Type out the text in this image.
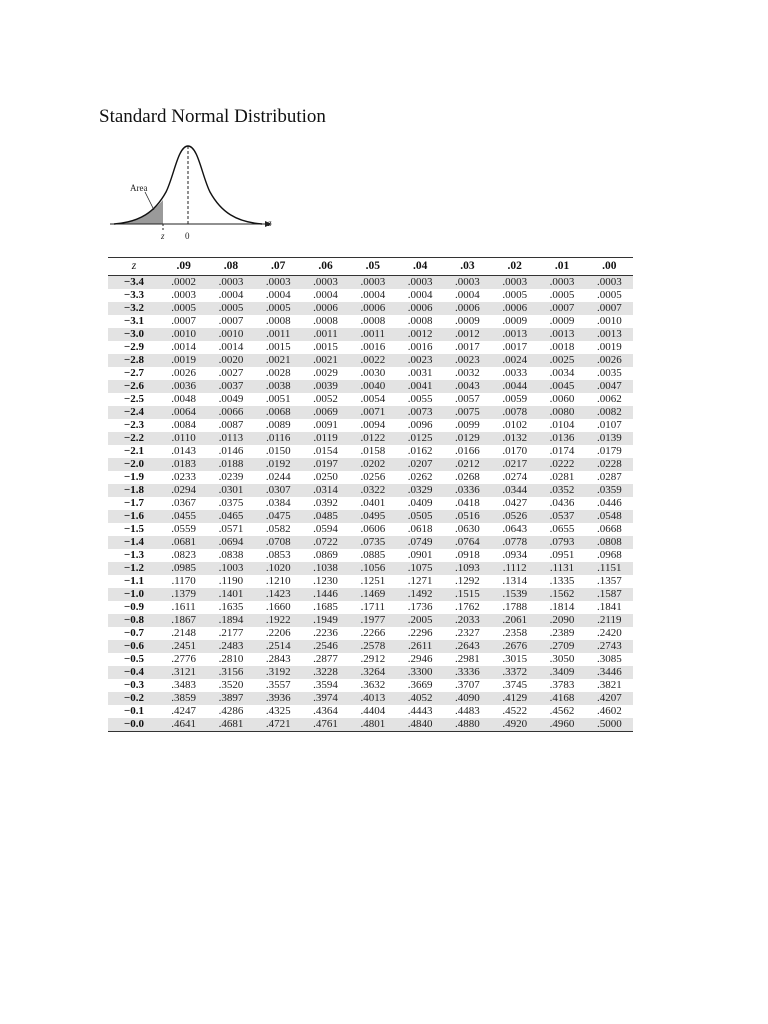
Standard Normal Distribution
Area
z
z 0
z	.09	.08	.07	.06	.05	.04	.03	.02	.01	.00
−3.4	.0002	.0003	.0003	.0003	.0003	.0003	.0003	.0003	.0003	.0003
−3.3	.0003	.0004	.0004	.0004	.0004	.0004	.0004	.0005	.0005	.0005
−3.2	.0005	.0005	.0005	.0006	.0006	.0006	.0006	.0006	.0007	.0007
−3.1	.0007	.0007	.0008	.0008	.0008	.0008	.0009	.0009	.0009	.0010
−3.0	.0010	.0010	.0011	.0011	.0011	.0012	.0012	.0013	.0013	.0013
−2.9	.0014	.0014	.0015	.0015	.0016	.0016	.0017	.0017	.0018	.0019
−2.8	.0019	.0020	.0021	.0021	.0022	.0023	.0023	.0024	.0025	.0026
−2.7	.0026	.0027	.0028	.0029	.0030	.0031	.0032	.0033	.0034	.0035
−2.6	.0036	.0037	.0038	.0039	.0040	.0041	.0043	.0044	.0045	.0047
−2.5	.0048	.0049	.0051	.0052	.0054	.0055	.0057	.0059	.0060	.0062
−2.4	.0064	.0066	.0068	.0069	.0071	.0073	.0075	.0078	.0080	.0082
−2.3	.0084	.0087	.0089	.0091	.0094	.0096	.0099	.0102	.0104	.0107
−2.2	.0110	.0113	.0116	.0119	.0122	.0125	.0129	.0132	.0136	.0139
−2.1	.0143	.0146	.0150	.0154	.0158	.0162	.0166	.0170	.0174	.0179
−2.0	.0183	.0188	.0192	.0197	.0202	.0207	.0212	.0217	.0222	.0228
−1.9	.0233	.0239	.0244	.0250	.0256	.0262	.0268	.0274	.0281	.0287
−1.8	.0294	.0301	.0307	.0314	.0322	.0329	.0336	.0344	.0352	.0359
−1.7	.0367	.0375	.0384	.0392	.0401	.0409	.0418	.0427	.0436	.0446
−1.6	.0455	.0465	.0475	.0485	.0495	.0505	.0516	.0526	.0537	.0548
−1.5	.0559	.0571	.0582	.0594	.0606	.0618	.0630	.0643	.0655	.0668
−1.4	.0681	.0694	.0708	.0722	.0735	.0749	.0764	.0778	.0793	.0808
−1.3	.0823	.0838	.0853	.0869	.0885	.0901	.0918	.0934	.0951	.0968
−1.2	.0985	.1003	.1020	.1038	.1056	.1075	.1093	.1112	.1131	.1151
−1.1	.1170	.1190	.1210	.1230	.1251	.1271	.1292	.1314	.1335	.1357
−1.0	.1379	.1401	.1423	.1446	.1469	.1492	.1515	.1539	.1562	.1587
−0.9	.1611	.1635	.1660	.1685	.1711	.1736	.1762	.1788	.1814	.1841
−0.8	.1867	.1894	.1922	.1949	.1977	.2005	.2033	.2061	.2090	.2119
−0.7	.2148	.2177	.2206	.2236	.2266	.2296	.2327	.2358	.2389	.2420
−0.6	.2451	.2483	.2514	.2546	.2578	.2611	.2643	.2676	.2709	.2743
−0.5	.2776	.2810	.2843	.2877	.2912	.2946	.2981	.3015	.3050	.3085
−0.4	.3121	.3156	.3192	.3228	.3264	.3300	.3336	.3372	.3409	.3446
−0.3	.3483	.3520	.3557	.3594	.3632	.3669	.3707	.3745	.3783	.3821
−0.2	.3859	.3897	.3936	.3974	.4013	.4052	.4090	.4129	.4168	.4207
−0.1	.4247	.4286	.4325	.4364	.4404	.4443	.4483	.4522	.4562	.4602
−0.0	.4641	.4681	.4721	.4761	.4801	.4840	.4880	.4920	.4960	.5000
